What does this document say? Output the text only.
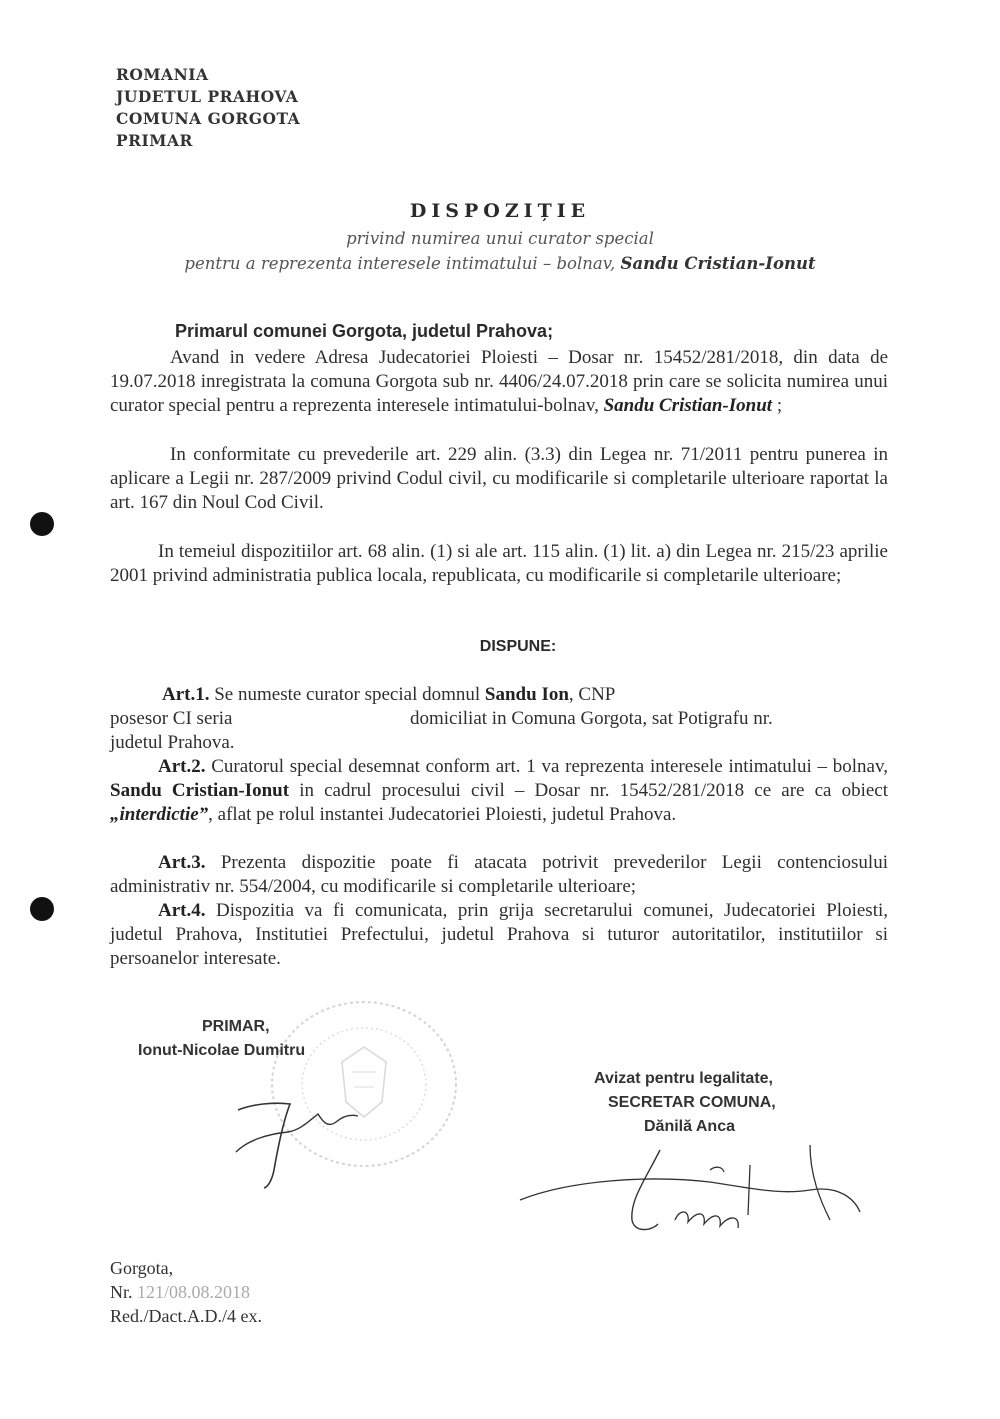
ROMANIA
JUDETUL PRAHOVA
COMUNA GORGOTA
PRIMAR
DISPOZIȚIE
privind numirea unui curator special
pentru a reprezenta interesele intimatului – bolnav, Sandu Cristian-Ionut
Primarul comunei Gorgota, judetul Prahova;
Avand in vedere Adresa Judecatoriei Ploiesti – Dosar nr. 15452/281/2018, din data de 19.07.2018 inregistrata la comuna Gorgota sub nr. 4406/24.07.2018 prin care se solicita numirea unui curator special pentru a reprezenta interesele intimatului-bolnav, Sandu Cristian-Ionut ;
In conformitate cu prevederile art. 229 alin. (3.3) din Legea nr. 71/2011 pentru punerea in aplicare a Legii nr. 287/2009 privind Codul civil, cu modificarile si completarile ulterioare raportat la art. 167 din Noul Cod Civil.
In temeiul dispozitiilor art. 68 alin. (1) si ale art. 115 alin. (1) lit. a) din Legea nr. 215/23 aprilie 2001 privind administratia publica locala, republicata, cu modificarile si completarile ulterioare;
DISPUNE:
Art.1. Se numeste curator special domnul Sandu Ion, CNP
posesor CI seria	domiciliat in Comuna Gorgota, sat Potigrafu nr.
judetul Prahova.
Art.2. Curatorul special desemnat conform art. 1 va reprezenta interesele intimatului – bolnav, Sandu Cristian-Ionut in cadrul procesului civil – Dosar nr. 15452/281/2018 ce are ca obiect „interdictie”, aflat pe rolul instantei Judecatoriei Ploiesti, judetul Prahova.
Art.3. Prezenta dispozitie poate fi atacata potrivit prevederilor Legii contenciosului administrativ nr. 554/2004, cu modificarile si completarile ulterioare;
Art.4. Dispozitia va fi comunicata, prin grija secretarului comunei, Judecatoriei Ploiesti, judetul Prahova, Institutiei Prefectului, judetul Prahova si tuturor autoritatilor, institutiilor si persoanelor interesate.
PRIMAR,
Ionut-Nicolae Dumitru
Avizat pentru legalitate,
SECRETAR COMUNA,
Dănilă Anca
Gorgota,
Nr. 121/08.08.2018
Red./Dact.A.D./4 ex.
